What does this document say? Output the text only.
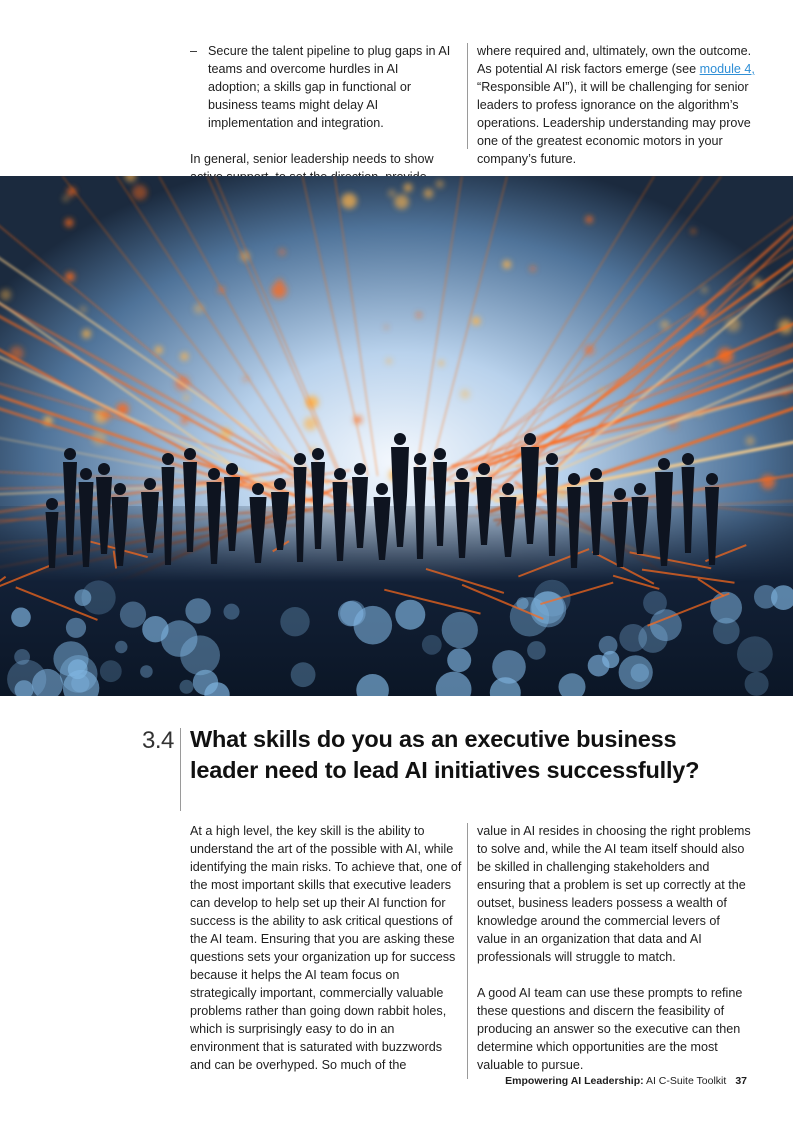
– Secure the talent pipeline to plug gaps in AI teams and overcome hurdles in AI adoption; a skills gap in functional or business teams might delay AI implementation and integration.

In general, senior leadership needs to show

where required and, ultimately, own the outcome. As potential AI risk factors emerge (see module 4, “Responsible AI”), it will be challenging for senior leaders to profess ignorance on the algorithm’s operations. Leadership understanding may prove one of the greatest economic motors in your company’s future.

3.4 What skills do you as an executive business leader need to lead AI initiatives successfully?

At a high level, the key skill is the ability to understand the art of the possible with AI, while identifying the main risks. To achieve that, one of the most important skills that executive leaders can develop to help set up their AI function for success is the ability to ask critical questions of the AI team. Ensuring that you are asking these questions sets your organization up for success because it helps the AI team focus on strategically important, commercially valuable problems rather than going down rabbit holes, which is surprisingly easy to do in an environment that is saturated with buzzwords and can be overhyped. So much of the

value in AI resides in choosing the right problems to solve and, while the AI team itself should also be skilled in challenging stakeholders and ensuring that a problem is set up correctly at the outset, business leaders possess a wealth of knowledge around the commercial levers of value in an organization that data and AI professionals will struggle to match.

A good AI team can use these prompts to refine these questions and discern the feasibility of producing an answer so the executive can then determine which opportunities are the most valuable to pursue.

Empowering AI Leadership: AI C-Suite Toolkit 37
